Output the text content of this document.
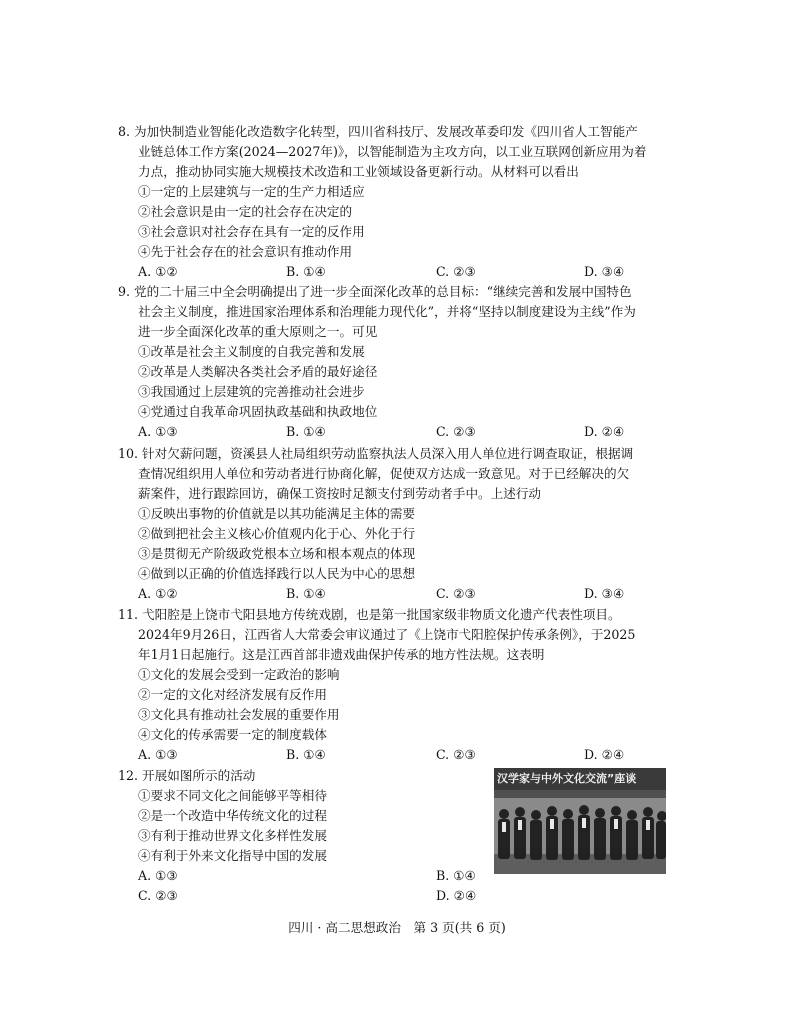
8. 为加快制造业智能化改造数字化转型，四川省科技厅、发展改革委印发《四川省人工智能产
业链总体工作方案(2024—2027年)》，以智能制造为主攻方向，以工业互联网创新应用为着
力点，推动协同实施大规模技术改造和工业领域设备更新行动。从材料可以看出
①一定的上层建筑与一定的生产力相适应
②社会意识是由一定的社会存在决定的
③社会意识对社会存在具有一定的反作用
④先于社会存在的社会意识有推动作用
A. ①②	B. ①④	C. ②③	D. ③④
9. 党的二十届三中全会明确提出了进一步全面深化改革的总目标：“继续完善和发展中国特色
社会主义制度，推进国家治理体系和治理能力现代化”，并将“坚持以制度建设为主线”作为
进一步全面深化改革的重大原则之一。可见
①改革是社会主义制度的自我完善和发展
②改革是人类解决各类社会矛盾的最好途径
③我国通过上层建筑的完善推动社会进步
④党通过自我革命巩固执政基础和执政地位
A. ①③	B. ①④	C. ②③	D. ②④
10. 针对欠薪问题，资溪县人社局组织劳动监察执法人员深入用人单位进行调查取证，根据调
查情况组织用人单位和劳动者进行协商化解，促使双方达成一致意见。对于已经解决的欠
薪案件，进行跟踪回访，确保工资按时足额支付到劳动者手中。上述行动
①反映出事物的价值就是以其功能满足主体的需要
②做到把社会主义核心价值观内化于心、外化于行
③是贯彻无产阶级政党根本立场和根本观点的体现
④做到以正确的价值选择践行以人民为中心的思想
A. ①②	B. ①④	C. ②③	D. ③④
11. 弋阳腔是上饶市弋阳县地方传统戏剧，也是第一批国家级非物质文化遗产代表性项目。
2024年9月26日，江西省人大常委会审议通过了《上饶市弋阳腔保护传承条例》，于2025
年1月1日起施行。这是江西首部非遗戏曲保护传承的地方性法规。这表明
①文化的发展会受到一定政治的影响
②一定的文化对经济发展有反作用
③文化具有推动社会发展的重要作用
④文化的传承需要一定的制度载体
A. ①③	B. ①④	C. ②③	D. ②④
12. 开展如图所示的活动
①要求不同文化之间能够平等相待
②是一个改造中华传统文化的过程
③有利于推动世界文化多样性发展
④有利于外来文化指导中国的发展
A. ①③	B. ①④
C. ②③	D. ②④
汉学家与中外文化交流”座谈
四川 · 高二思想政治　第 3 页(共 6 页)
